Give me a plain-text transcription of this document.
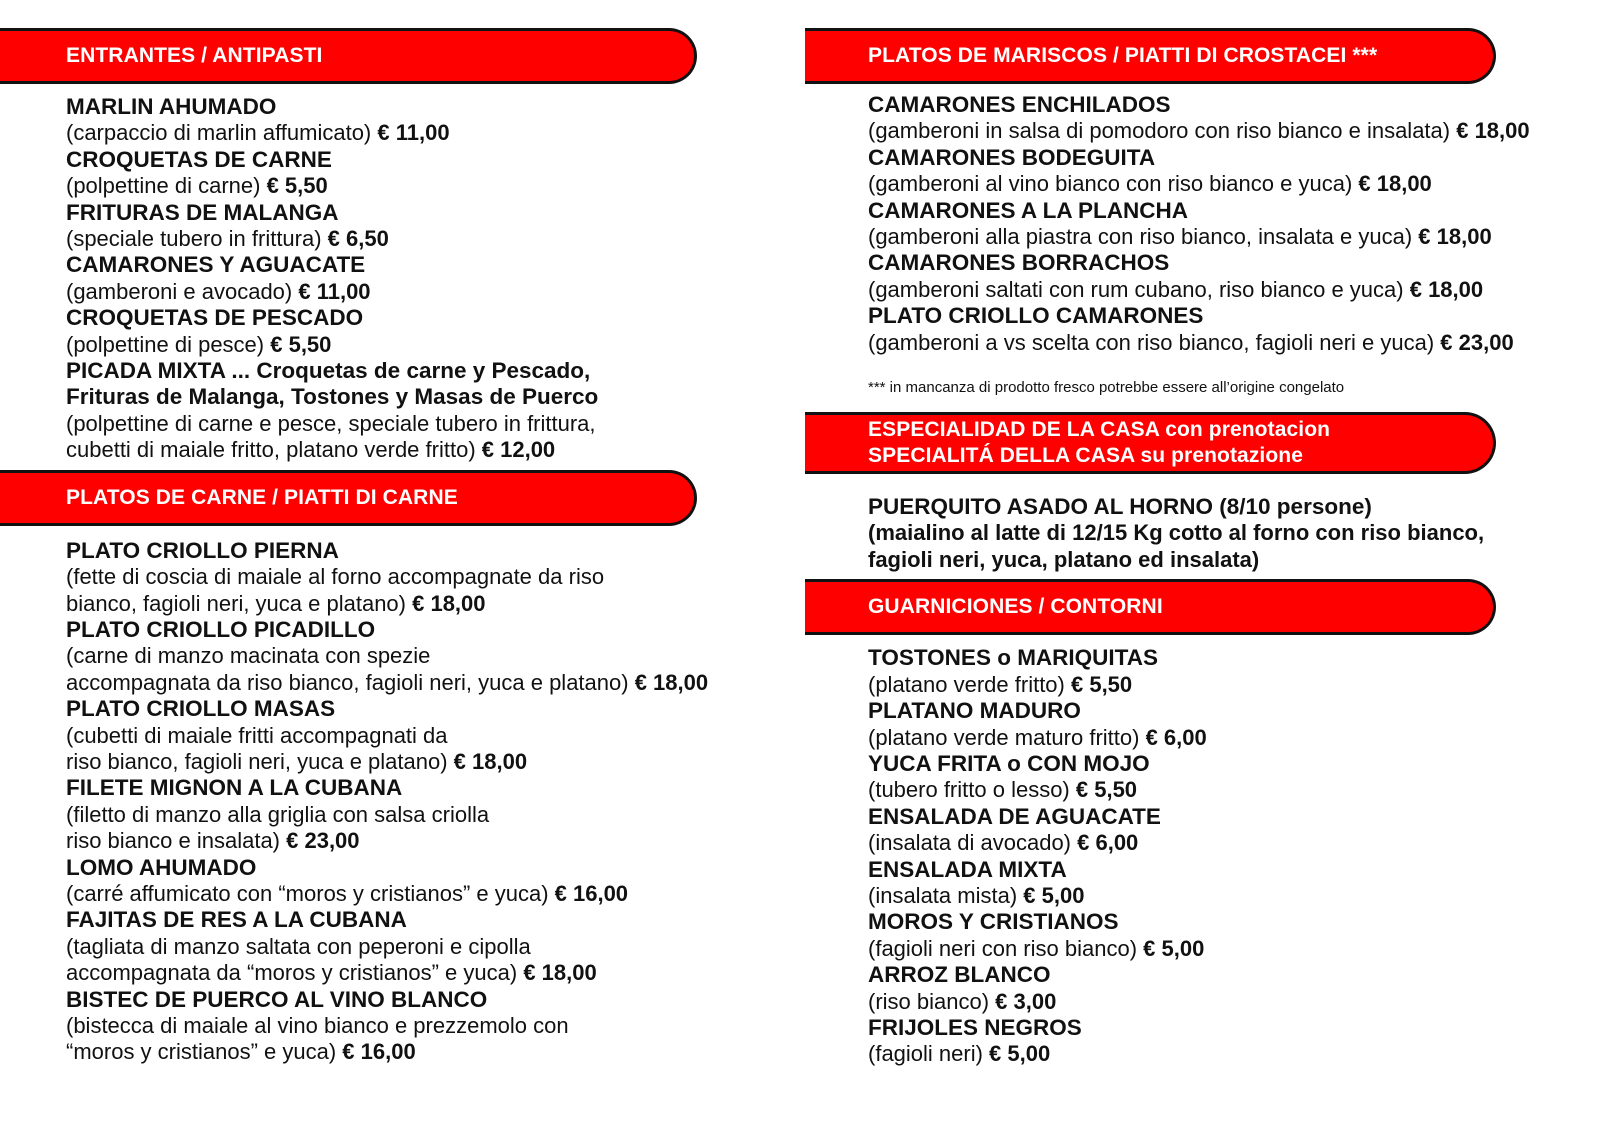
ENTRANTES / ANTIPASTI
MARLIN AHUMADO
(carpaccio di marlin affumicato) € 11,00
CROQUETAS DE CARNE
(polpettine di carne) € 5,50
FRITURAS DE MALANGA
(speciale tubero in frittura) € 6,50
CAMARONES Y AGUACATE
(gamberoni e avocado) € 11,00
CROQUETAS DE PESCADO
(polpettine di pesce) € 5,50
PICADA MIXTA ... Croquetas de carne y Pescado,
Frituras de Malanga, Tostones y Masas de Puerco
(polpettine di carne e pesce, speciale tubero in frittura,
cubetti di maiale fritto, platano verde fritto) € 12,00
PLATOS DE CARNE / PIATTI DI CARNE
PLATO CRIOLLO PIERNA
(fette di coscia di maiale al forno accompagnate da riso
bianco, fagioli neri, yuca e platano) € 18,00
PLATO CRIOLLO PICADILLO
(carne di manzo macinata con spezie
accompagnata da riso bianco, fagioli neri, yuca e platano) € 18,00
PLATO CRIOLLO MASAS
(cubetti di maiale fritti accompagnati da
riso bianco, fagioli neri, yuca e platano) € 18,00
FILETE MIGNON A LA CUBANA
(filetto di manzo alla griglia con salsa criolla
riso bianco e insalata) € 23,00
LOMO AHUMADO
(carré affumicato con “moros y cristianos” e yuca) € 16,00
FAJITAS DE RES A LA CUBANA
(tagliata di manzo saltata con peperoni e cipolla
accompagnata da “moros y cristianos” e yuca) € 18,00
BISTEC DE PUERCO AL VINO BLANCO
(bistecca di maiale al vino bianco e prezzemolo con
“moros y cristianos” e yuca) € 16,00
PLATOS DE MARISCOS / PIATTI DI CROSTACEI ***
CAMARONES ENCHILADOS
(gamberoni in salsa di pomodoro con riso bianco e insalata) € 18,00
CAMARONES BODEGUITA
(gamberoni al vino bianco con riso bianco e yuca) € 18,00
CAMARONES A LA PLANCHA
(gamberoni alla piastra con riso bianco, insalata e yuca) € 18,00
CAMARONES BORRACHOS
(gamberoni saltati con rum cubano, riso bianco e yuca) € 18,00
PLATO CRIOLLO CAMARONES
(gamberoni a vs scelta con riso bianco, fagioli neri e yuca) € 23,00
*** in mancanza di prodotto fresco potrebbe essere all’origine congelato
ESPECIALIDAD DE LA CASA con prenotacion
SPECIALITÁ DELLA CASA su prenotazione
PUERQUITO ASADO AL HORNO (8/10 persone)
(maialino al latte di 12/15 Kg cotto al forno con riso bianco,
fagioli neri, yuca, platano ed insalata)
GUARNICIONES / CONTORNI
TOSTONES o MARIQUITAS
(platano verde fritto) € 5,50
PLATANO MADURO
(platano verde maturo fritto) € 6,00
YUCA FRITA o CON MOJO
(tubero fritto o lesso) € 5,50
ENSALADA DE AGUACATE
(insalata di avocado) € 6,00
ENSALADA MIXTA
(insalata mista) € 5,00
MOROS Y CRISTIANOS
(fagioli neri con riso bianco) € 5,00
ARROZ BLANCO
(riso bianco) € 3,00
FRIJOLES NEGROS
(fagioli neri) € 5,00
